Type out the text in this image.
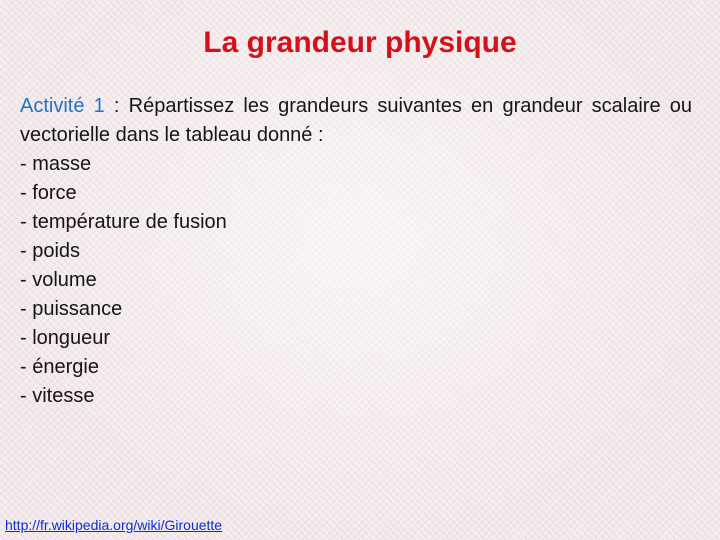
La grandeur physique

Activité 1 : Répartissez les grandeurs suivantes en grandeur scalaire ou vectorielle dans le tableau donné :

- masse
- force
- température de fusion
- poids
- volume
- puissance
- longueur
- énergie
- vitesse
http://fr.wikipedia.org/wiki/Girouette
